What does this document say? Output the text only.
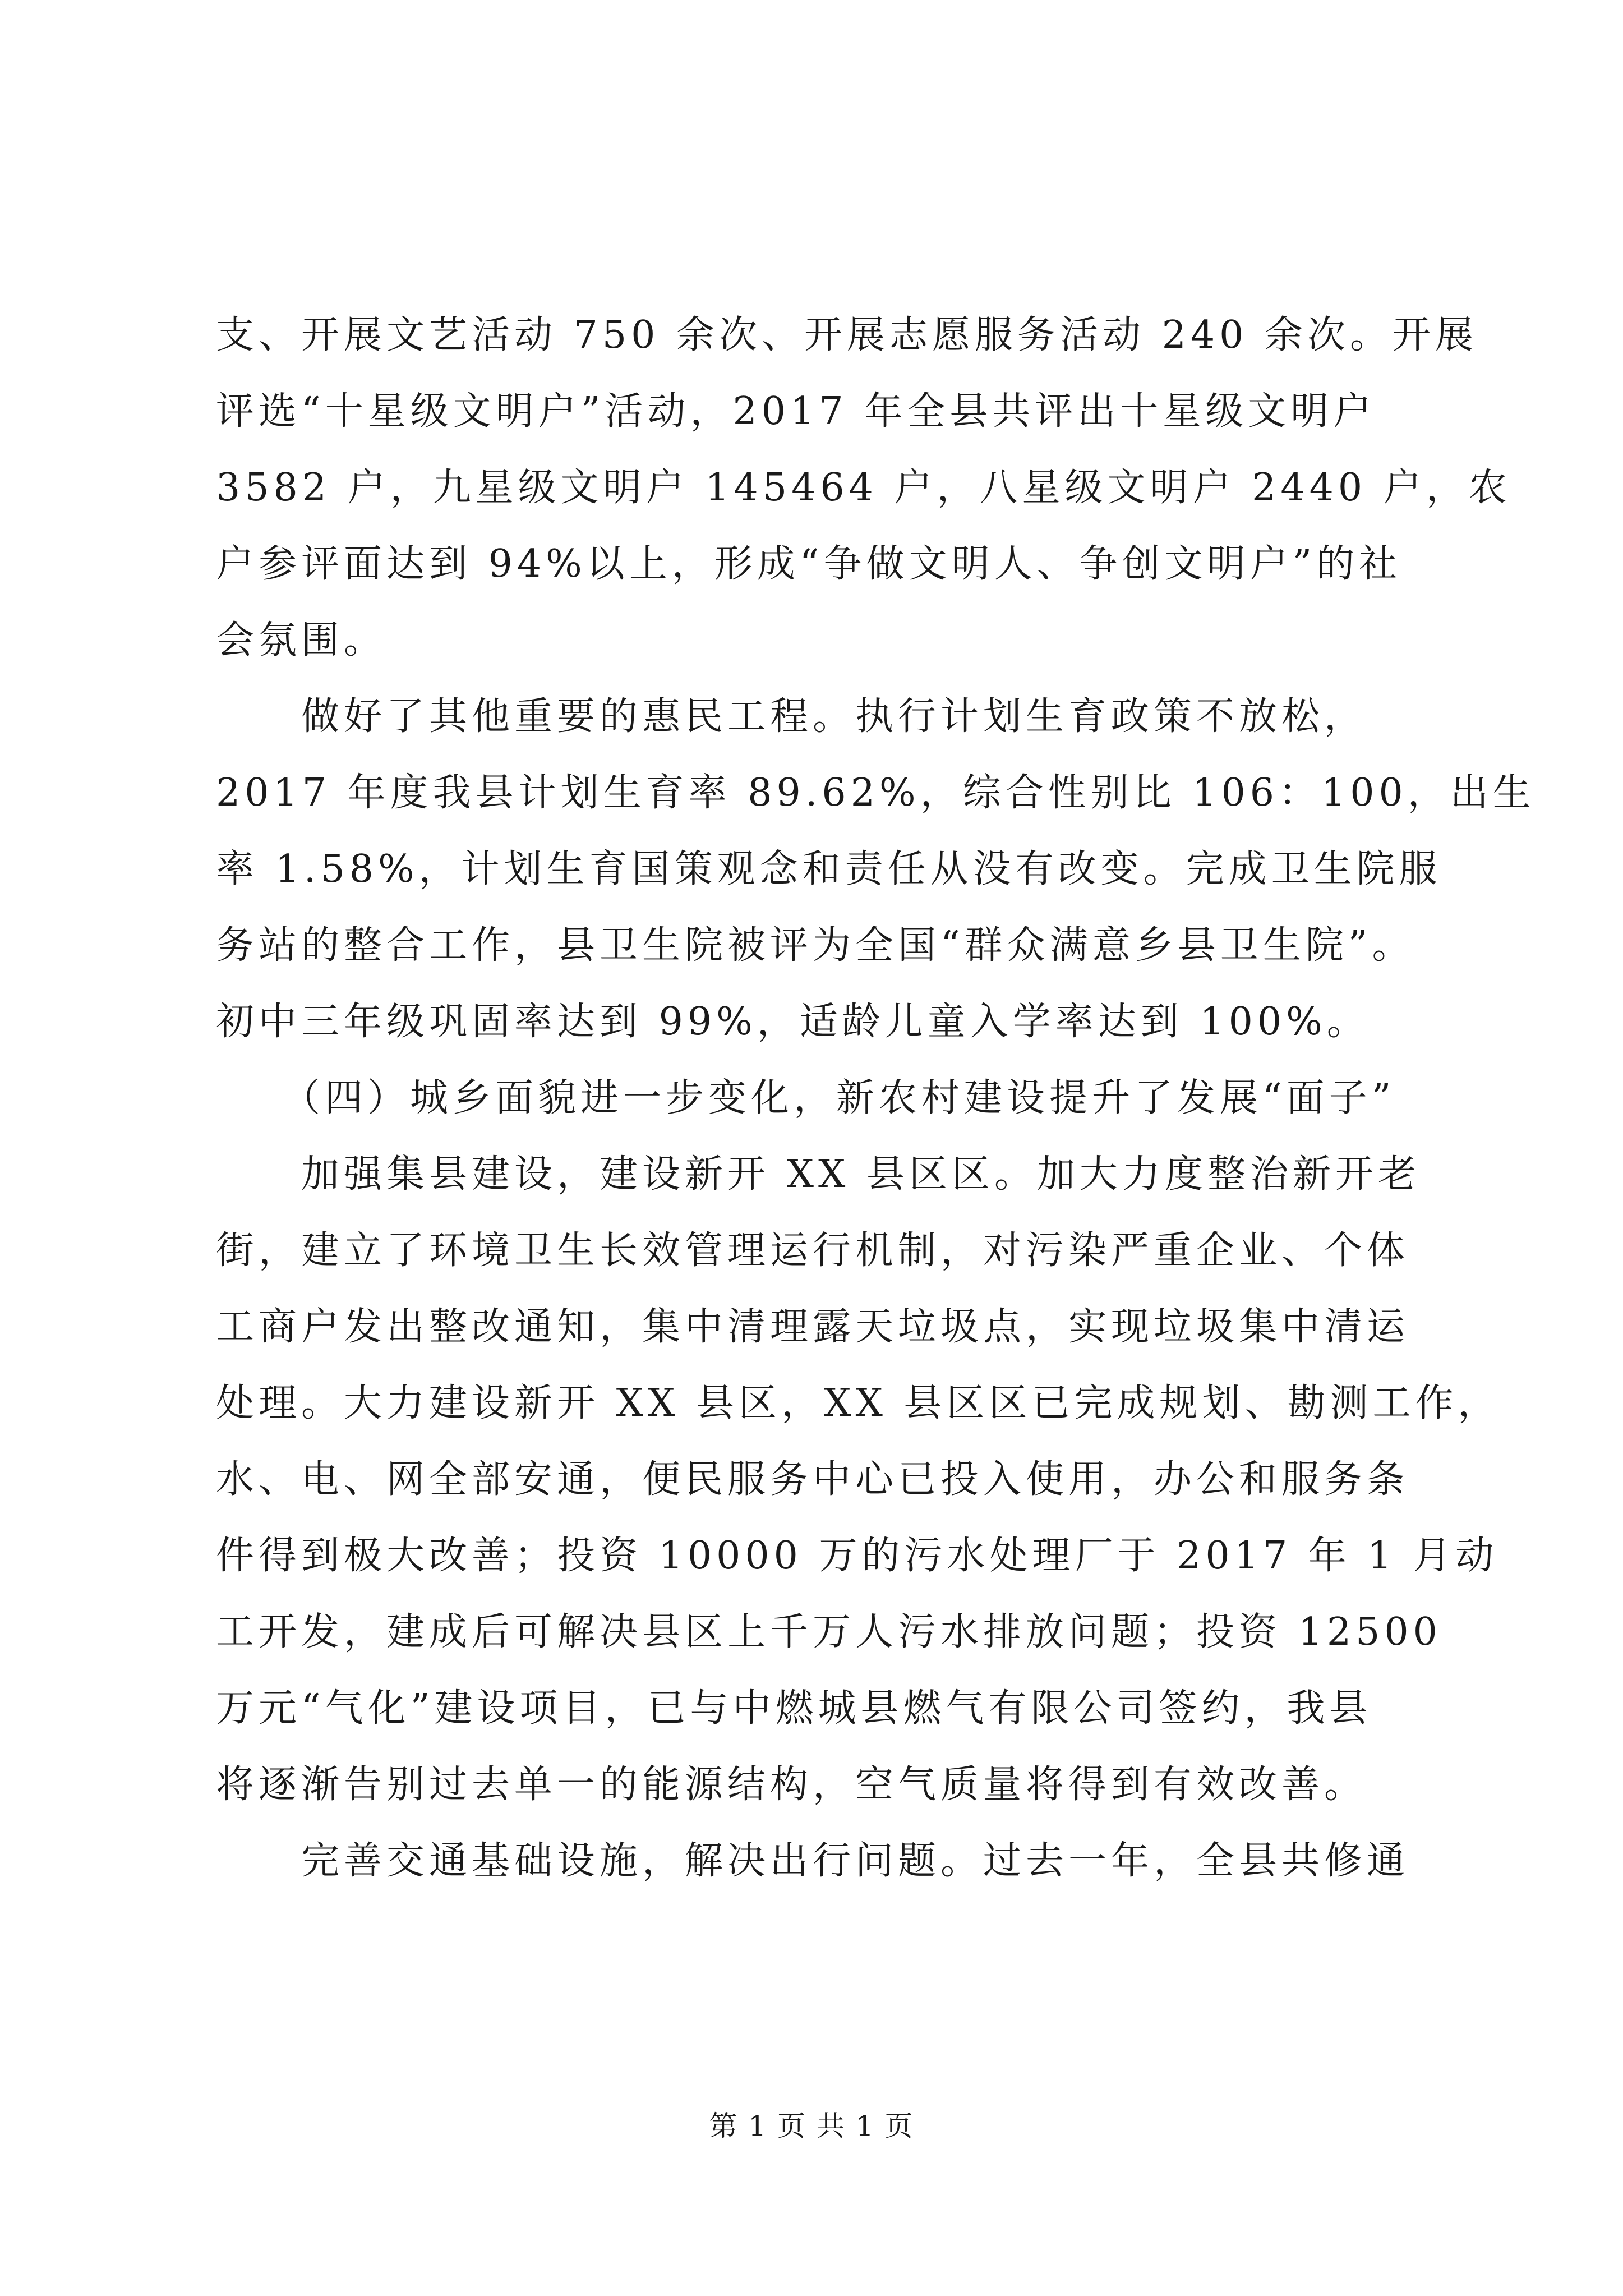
支、开展文艺活动 750 余次、开展志愿服务活动 240 余次。开展
评选“十星级文明户”活动，2017 年全县共评出十星级文明户
3582 户，九星级文明户 145464 户，八星级文明户 2440 户，农
户参评面达到 94%以上，形成“争做文明人、争创文明户”的社
会氛围。
　　做好了其他重要的惠民工程。执行计划生育政策不放松，
2017 年度我县计划生育率 89.62%，综合性别比 106：100，出生
率 1.58%，计划生育国策观念和责任从没有改变。完成卫生院服
务站的整合工作，县卫生院被评为全国“群众满意乡县卫生院”。
初中三年级巩固率达到 99%，适龄儿童入学率达到 100%。
　　（四）城乡面貌进一步变化，新农村建设提升了发展“面子”
　　加强集县建设，建设新开 XX 县区区。加大力度整治新开老
街，建立了环境卫生长效管理运行机制，对污染严重企业、个体
工商户发出整改通知，集中清理露天垃圾点，实现垃圾集中清运
处理。大力建设新开 XX 县区，XX 县区区已完成规划、勘测工作，
水、电、网全部安通，便民服务中心已投入使用，办公和服务条
件得到极大改善；投资 10000 万的污水处理厂于 2017 年 1 月动
工开发，建成后可解决县区上千万人污水排放问题；投资 12500
万元“气化”建设项目，已与中燃城县燃气有限公司签约，我县
将逐渐告别过去单一的能源结构，空气质量将得到有效改善。
　　完善交通基础设施，解决出行问题。过去一年，全县共修通
第 1 页 共 1 页
